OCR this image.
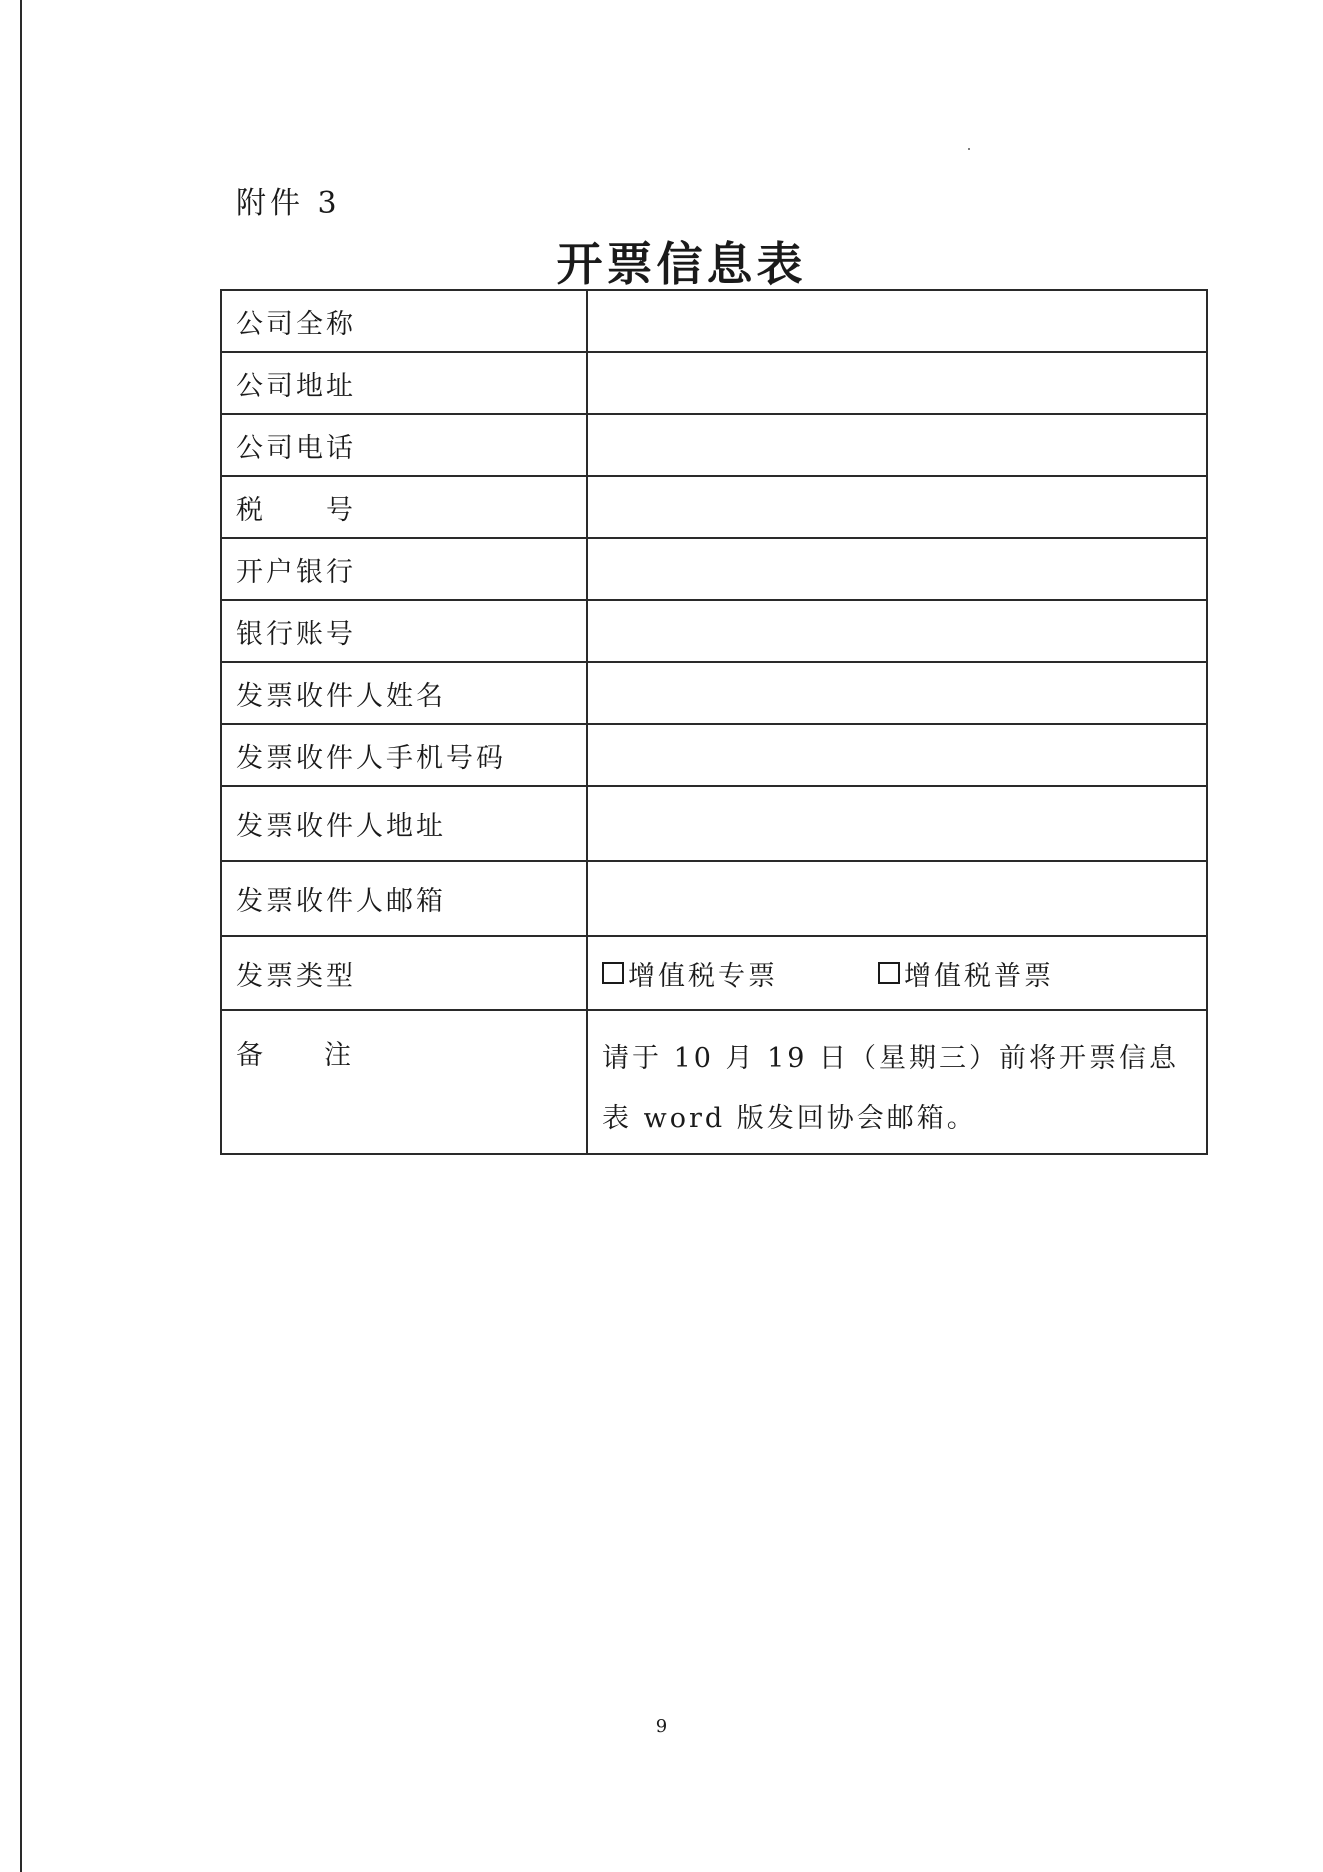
附件 3
开票信息表
公司全称	
公司地址	
公司电话	

税 号	

开户银行	
银行账号	
发票收件人姓名	
发票收件人手机号码	
发票收件人地址	
发票收件人邮箱	
发票类型	增值税专票 增值税普票

备 注	请于 10 月 19 日（星期三）前将开票信息表 word 版发回协会邮箱。
9
